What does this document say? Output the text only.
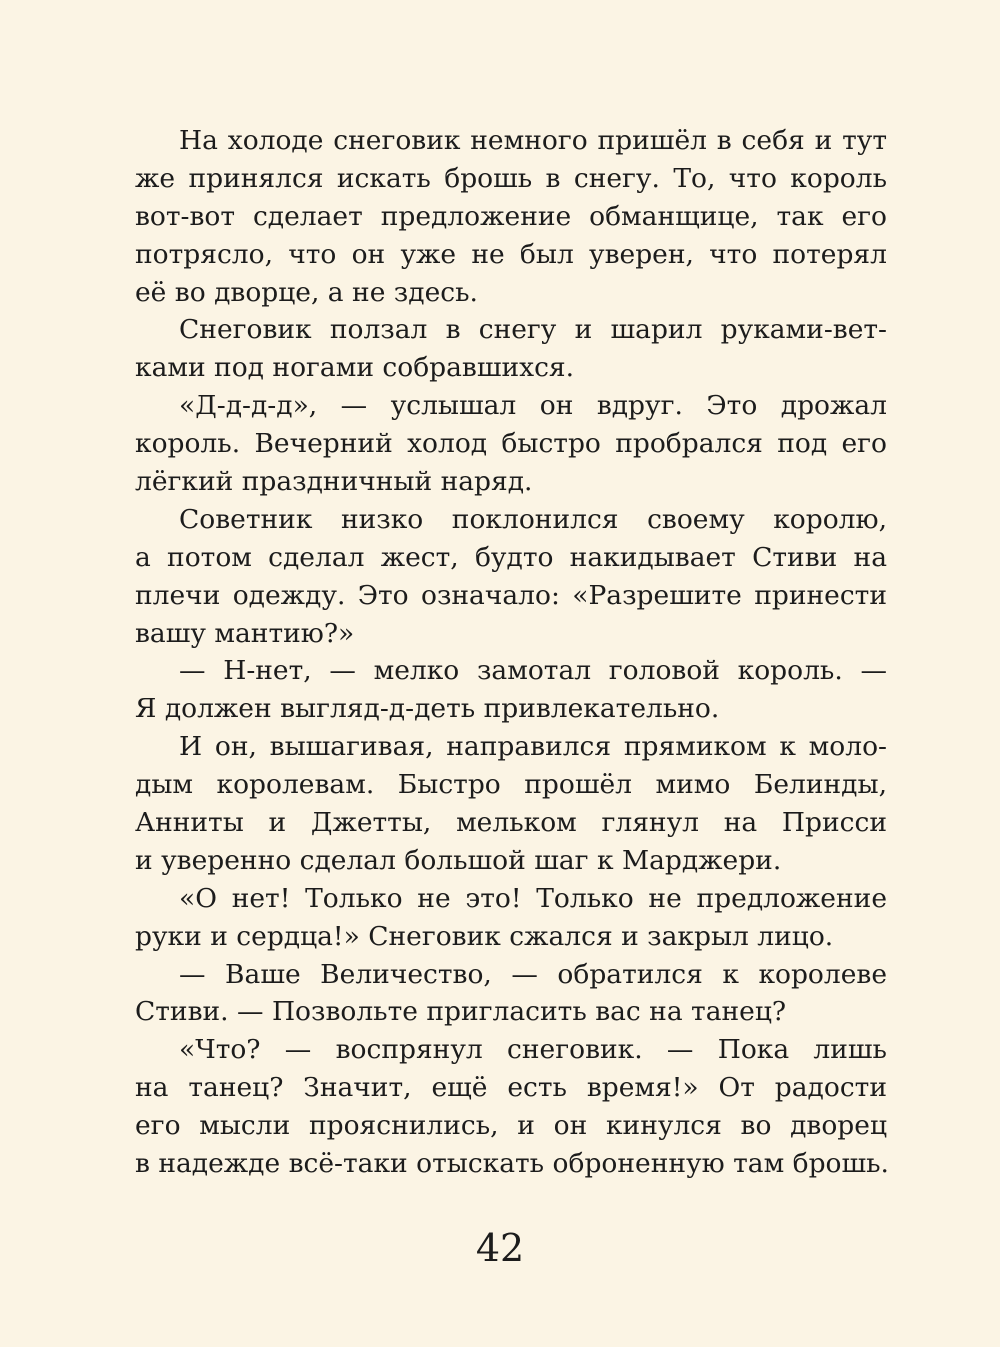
На холоде снеговик немного пришёл в себя и тут
же принялся искать брошь в снегу. То, что король
вот-вот сделает предложение обманщице, так его
потрясло, что он уже не был уверен, что потерял
её во дворце, а не здесь.
Снеговик ползал в снегу и шарил руками-вет-
ками под ногами собравшихся.
«Д-д-д-д», — услышал он вдруг. Это дрожал
король. Вечерний холод быстро пробрался под его
лёгкий праздничный наряд.
Советник низко поклонился своему королю,
а потом сделал жест, будто накидывает Стиви на
плечи одежду. Это означало: «Разрешите принести
вашу мантию?»
— Н-нет, — мелко замотал головой король. —
Я должен выгляд-д-деть привлекательно.
И он, вышагивая, направился прямиком к моло-
дым королевам. Быстро прошёл мимо Белинды,
Анниты и Джетты, мельком глянул на Присси
и уверенно сделал большой шаг к Марджери.
«О нет! Только не это! Только не предложение
руки и сердца!» Снеговик сжался и закрыл лицо.
— Ваше Величество, — обратился к королеве
Стиви. — Позвольте пригласить вас на танец?
«Что? — воспрянул снеговик. — Пока лишь
на танец? Значит, ещё есть время!» От радости
его мысли прояснились, и он кинулся во дворец
в надежде всё-таки отыскать оброненную там брошь.
42
